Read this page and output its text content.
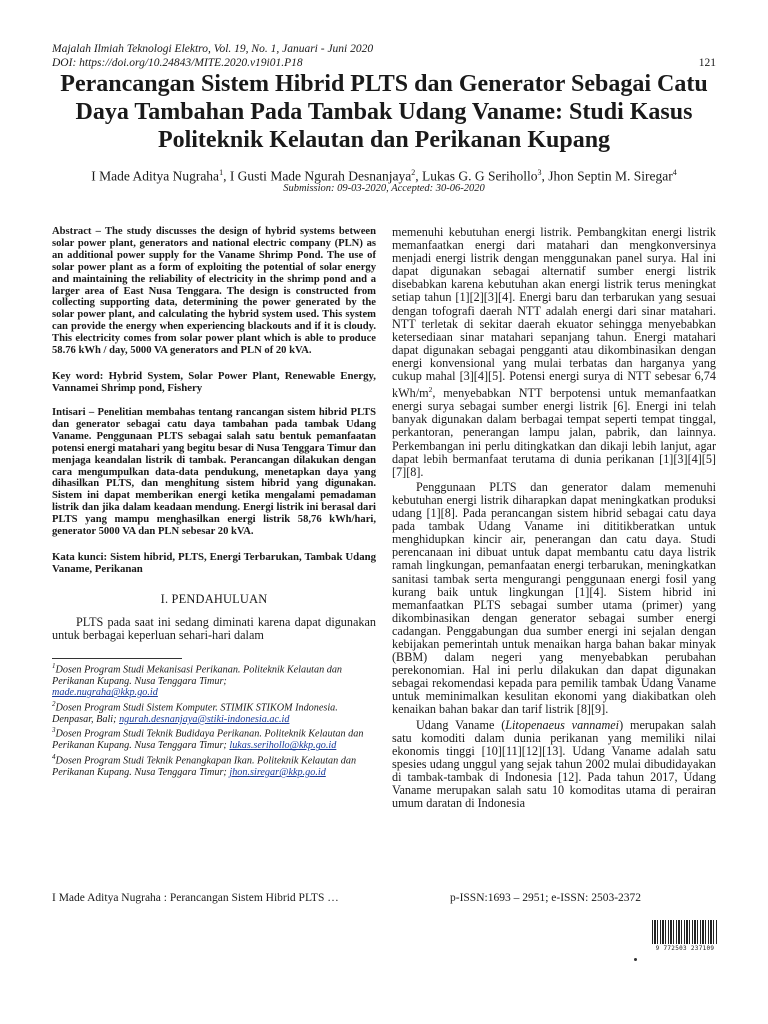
Majalah Ilmiah Teknologi Elektro, Vol. 19, No. 1, Januari - Juni 2020
DOI: https://doi.org/10.24843/MITE.2020.v19i01.P18	121
Perancangan Sistem Hibrid PLTS dan Generator Sebagai Catu Daya Tambahan Pada Tambak Udang Vaname: Studi Kasus Politeknik Kelautan dan Perikanan Kupang
I Made Aditya Nugraha$^1$, I Gusti Made Ngurah Desnanjaya$^2$, Lukas G. G Serihollo$^3$, Jhon Septin M. Siregar$^4$
Submission: 09-03-2020, Accepted: 30-06-2020
Abstract – The study discusses the design of hybrid systems between solar power plant, generators and national electric company (PLN) as an additional power supply for the Vaname Shrimp Pond. The use of solar power plant as a form of exploiting the potential of solar energy and maintaining the reliability of electricity in the shrimp pond and a larger area of East Nusa Tenggara. The design is constructed from collecting supporting data, determining the power generated by the solar power plant, and calculating the hybrid system used. This system can provide the energy when experiencing blackouts and if it is cloudy. This electricity comes from solar power plant which is able to produce 58.76 kWh / day, 5000 VA generators and PLN of 20 kVA.
Key word: Hybrid System, Solar Power Plant, Renewable Energy, Vannamei Shrimp pond, Fishery
Intisari – Penelitian membahas tentang rancangan sistem hibrid PLTS dan generator sebagai catu daya tambahan pada tambak Udang Vaname. Penggunaan PLTS sebagai salah satu bentuk pemanfaatan potensi energi matahari yang begitu besar di Nusa Tenggara Timur dan menjaga keandalan listrik di tambak. Perancangan dilakukan dengan cara mengumpulkan data-data pendukung, menetapkan daya yang dihasilkan PLTS, dan menghitung sistem hibrid yang digunakan. Sistem ini dapat memberikan energi ketika mengalami pemadaman listrik dan jika dalam keadaan mendung. Energi listrik ini berasal dari PLTS yang mampu menghasilkan energi listrik 58,76 kWh/hari, generator 5000 VA dan PLN sebesar 20 kVA.
Kata kunci: Sistem hibrid, PLTS, Energi Terbarukan, Tambak Udang Vaname, Perikanan
I. PENDAHULUAN
PLTS pada saat ini sedang diminati karena dapat digunakan untuk berbagai keperluan sehari-hari dalam
$^1$Dosen Program Studi Mekanisasi Perikanan. Politeknik Kelautan dan Perikanan Kupang. Nusa Tenggara Timur;
made.nugraha@kkp.go.id
$^2$Dosen Program Studi Sistem Komputer. STIMIK STIKOM Indonesia. Denpasar, Bali; ngurah.desnanjaya@stiki-indonesia.ac.id
$^3$Dosen Program Studi Teknik Budidaya Perikanan. Politeknik Kelautan dan Perikanan Kupang. Nusa Tenggara Timur; lukas.serihollo@kkp.go.id
$^4$Dosen Program Studi Teknik Penangkapan Ikan. Politeknik Kelautan dan Perikanan Kupang. Nusa Tenggara Timur; jhon.siregar@kkp.go.id

memenuhi kebutuhan energi listrik. Pembangkitan energi listrik memanfaatkan energi dari matahari dan mengkonversinya menjadi energi listrik dengan menggunakan panel surya. Hal ini dapat digunakan sebagai alternatif sumber energi listrik disebabkan karena kebutuhan akan energi listrik terus meningkat setiap tahun [1][2][3][4]. Energi baru dan terbarukan yang sesuai dengan tofografi daerah NTT adalah energi dari sinar matahari. NTT terletak di sekitar daerah ekuator sehingga menyebabkan ketersediaan sinar matahari sepanjang tahun. Energi matahari dapat digunakan sebagai pengganti atau dikombinasikan dengan energi konvensional yang mulai terbatas dan harganya yang cukup mahal [3][4][5]. Potensi energi surya di NTT sebesar 6,74 kWh/$m^2$, menyebabkan NTT berpotensi untuk memanfaatkan energi surya sebagai sumber energi listrik [6]. Energi ini telah banyak digunakan dalam berbagai tempat seperti tempat tinggal, perkantoran, penerangan lampu jalan, pabrik, dan lainnya. Perkembangan ini perlu ditingkatkan dan dikaji lebih lanjut, agar dapat lebih bermanfaat terutama di dunia perikanan [1][3][4][5][7][8].

Penggunaan PLTS dan generator dalam memenuhi kebutuhan energi listrik diharapkan dapat meningkatkan produksi udang [1][8]. Pada perancangan sistem hibrid sebagai catu daya pada tambak Udang Vaname ini dititikberatkan untuk menghidupkan kincir air, penerangan dan catu daya. Studi perencanaan ini dibuat untuk dapat membantu catu daya listrik ramah lingkungan, pemanfaatan energi terbarukan, meningkatkan sanitasi tambak serta mengurangi penggunaan energi fosil yang kurang baik untuk lingkungan [1][4]. Sistem hibrid ini memanfaatkan PLTS sebagai sumber utama (primer) yang dikombinasikan dengan generator sebagai sumber energi cadangan. Penggabungan dua sumber energi ini sejalan dengan kebijakan pemerintah untuk menaikan harga bahan bakar minyak (BBM) dalam negeri yang menyebabkan perubahan perekonomian. Hal ini perlu dilakukan dan dapat digunakan sebagai rekomendasi kepada para pemilik tambak Udang Vaname untuk meminimalkan kesulitan ekonomi yang diakibatkan oleh kenaikan bahan bakar dan tarif listrik [8][9].

Udang Vaname (Litopenaeus vannamei) merupakan salah satu komoditi dalam dunia perikanan yang memiliki nilai ekonomis tinggi [10][11][12][13]. Udang Vaname adalah satu spesies udang unggul yang sejak tahun 2002 mulai dibudidayakan di tambak-tambak di Indonesia [12]. Pada tahun 2017, Udang Vaname merupakan salah satu 10 komoditas utama di perairan umum daratan di Indonesia

I Made Aditya Nugraha : Perancangan Sistem Hibrid PLTS …	p-ISSN:1693 – 2951; e-ISSN: 2503-2372
9 772503 237109
